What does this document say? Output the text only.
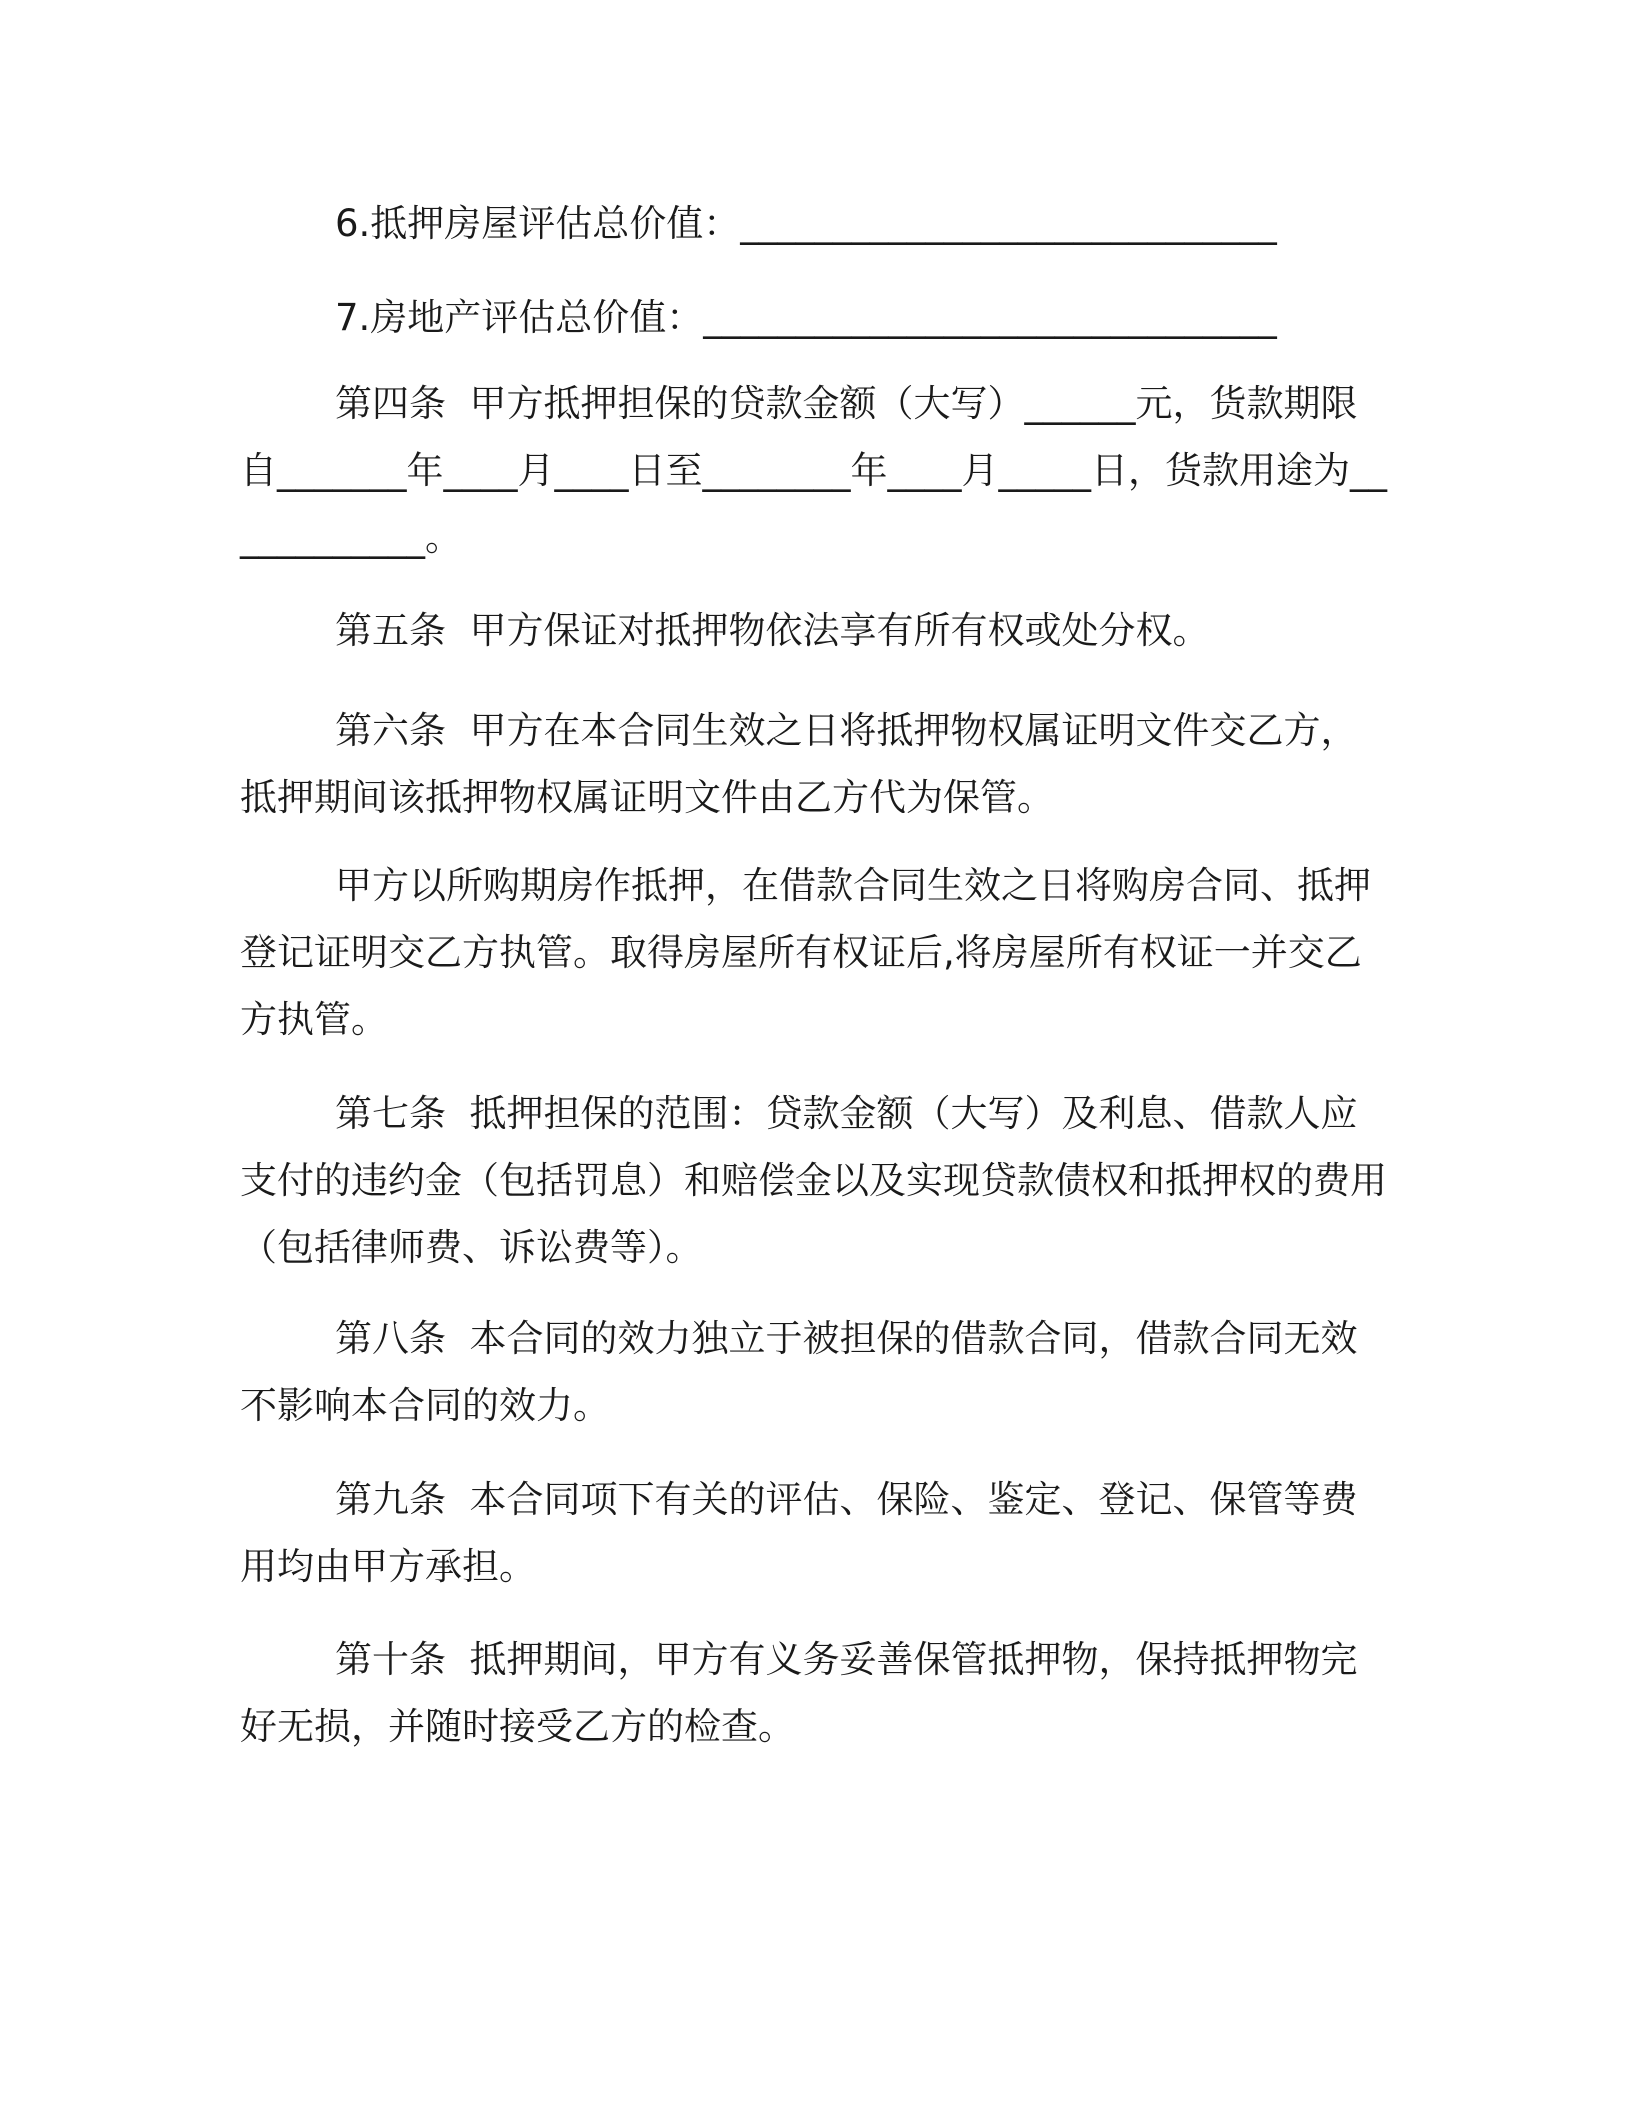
6.抵押房屋评估总价值：_____________________________

7.房地产评估总价值：_______________________________

第四条  甲方抵押担保的贷款金额（大写）______元，货款期限自_______年____月____日至________年____月_____日，货款用途为____________。

第五条  甲方保证对抵押物依法享有所有权或处分权。

第六条  甲方在本合同生效之日将抵押物权属证明文件交乙方，抵押期间该抵押物权属证明文件由乙方代为保管。

甲方以所购期房作抵押，在借款合同生效之日将购房合同、抵押登记证明交乙方执管。取得房屋所有权证后,将房屋所有权证一并交乙方执管。

第七条  抵押担保的范围：贷款金额（大写）及利息、借款人应支付的违约金（包括罚息）和赔偿金以及实现贷款债权和抵押权的费用（包括律师费、诉讼费等）。

第八条  本合同的效力独立于被担保的借款合同，借款合同无效不影响本合同的效力。

第九条  本合同项下有关的评估、保险、鉴定、登记、保管等费用均由甲方承担。

第十条  抵押期间，甲方有义务妥善保管抵押物，保持抵押物完好无损，并随时接受乙方的检查。
